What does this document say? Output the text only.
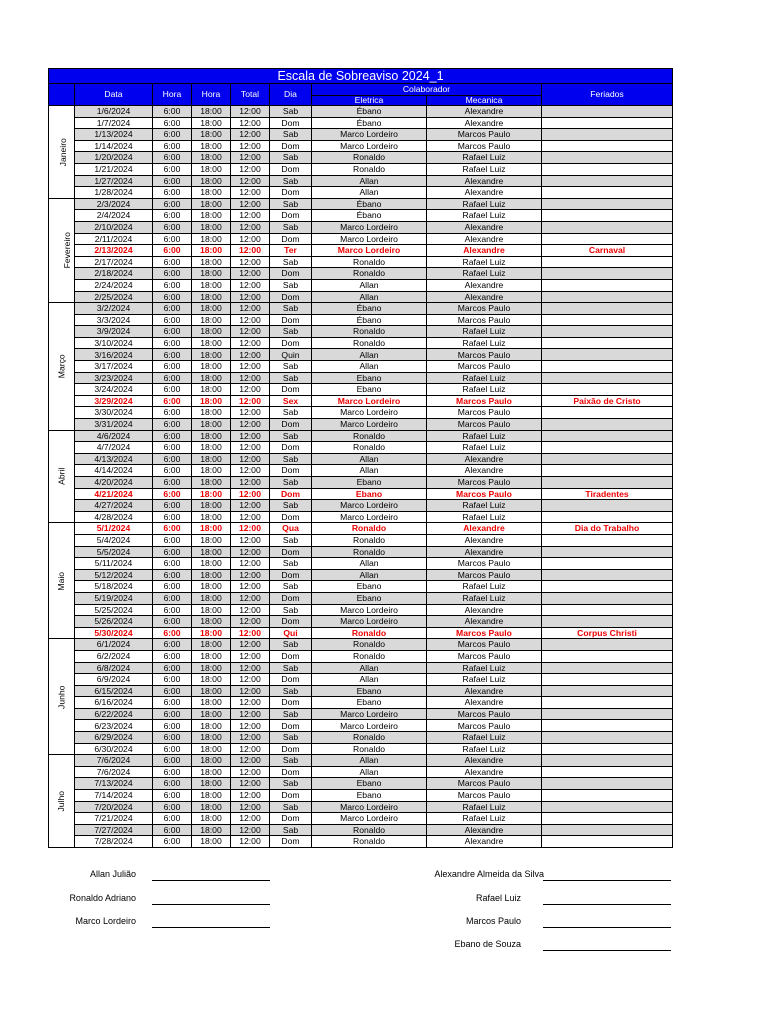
Escala de Sobreaviso 2024_1								
	Data	Hora	Hora	Total	Dia	Colaborador		Feriados
						Eletrica	Mecanica	
Janeiro	1/6/2024	6:00	18:00	12:00	Sab	Ébano	Alexandre	
	1/7/2024	6:00	18:00	12:00	Dom	Ébano	Alexandre	
	1/13/2024	6:00	18:00	12:00	Sab	Marco Lordeiro	Marcos Paulo	
	1/14/2024	6:00	18:00	12:00	Dom	Marco Lordeiro	Marcos Paulo	
	1/20/2024	6:00	18:00	12:00	Sab	Ronaldo	Rafael Luiz	
	1/21/2024	6:00	18:00	12:00	Dom	Ronaldo	Rafael Luiz	
	1/27/2024	6:00	18:00	12:00	Sab	Allan	Alexandre	
	1/28/2024	6:00	18:00	12:00	Dom	Allan	Alexandre	
Fevereiro	2/3/2024	6:00	18:00	12:00	Sab	Ébano	Rafael Luiz	
	2/4/2024	6:00	18:00	12:00	Dom	Ébano	Rafael Luiz	
	2/10/2024	6:00	18:00	12:00	Sab	Marco Lordeiro	Alexandre	
	2/11/2024	6:00	18:00	12:00	Dom	Marco Lordeiro	Alexandre	
	2/13/2024	6:00	18:00	12:00	Ter	Marco Lordeiro	Alexandre	Carnaval
	2/17/2024	6:00	18:00	12:00	Sab	Ronaldo	Rafael Luiz	
	2/18/2024	6:00	18:00	12:00	Dom	Ronaldo	Rafael Luiz	
	2/24/2024	6:00	18:00	12:00	Sab	Allan	Alexandre	
	2/25/2024	6:00	18:00	12:00	Dom	Allan	Alexandre	
Março	3/2/2024	6:00	18:00	12:00	Sab	Ébano	Marcos Paulo	
	3/3/2024	6:00	18:00	12:00	Dom	Ébano	Marcos Paulo	
	3/9/2024	6:00	18:00	12:00	Sab	Ronaldo	Rafael Luiz	
	3/10/2024	6:00	18:00	12:00	Dom	Ronaldo	Rafael Luiz	
	3/16/2024	6:00	18:00	12:00	Quin	Allan	Marcos Paulo	
	3/17/2024	6:00	18:00	12:00	Sab	Allan	Marcos Paulo	
	3/23/2024	6:00	18:00	12:00	Sab	Ebano	Rafael Luiz	
	3/24/2024	6:00	18:00	12:00	Dom	Ebano	Rafael Luiz	
	3/29/2024	6:00	18:00	12:00	Sex	Marco Lordeiro	Marcos Paulo	Paixão de Cristo
	3/30/2024	6:00	18:00	12:00	Sab	Marco Lordeiro	Marcos Paulo	
	3/31/2024	6:00	18:00	12:00	Dom	Marco Lordeiro	Marcos Paulo	
Abril	4/6/2024	6:00	18:00	12:00	Sab	Ronaldo	Rafael Luiz	
	4/7/2024	6:00	18:00	12:00	Dom	Ronaldo	Rafael Luiz	
	4/13/2024	6:00	18:00	12:00	Sab	Allan	Alexandre	
	4/14/2024	6:00	18:00	12:00	Dom	Allan	Alexandre	
	4/20/2024	6:00	18:00	12:00	Sab	Ebano	Marcos Paulo	
	4/21/2024	6:00	18:00	12:00	Dom	Ebano	Marcos Paulo	Tiradentes
	4/27/2024	6:00	18:00	12:00	Sab	Marco Lordeiro	Rafael Luiz	
	4/28/2024	6:00	18:00	12:00	Dom	Marco Lordeiro	Rafael Luiz	
Maio	5/1/2024	6:00	18:00	12:00	Qua	Ronaldo	Alexandre	Dia do Trabalho
	5/4/2024	6:00	18:00	12:00	Sab	Ronaldo	Alexandre	
	5/5/2024	6:00	18:00	12:00	Dom	Ronaldo	Alexandre	
	5/11/2024	6:00	18:00	12:00	Sab	Allan	Marcos Paulo	
	5/12/2024	6:00	18:00	12:00	Dom	Allan	Marcos Paulo	
	5/18/2024	6:00	18:00	12:00	Sab	Ebano	Rafael Luiz	
	5/19/2024	6:00	18:00	12:00	Dom	Ebano	Rafael Luiz	
	5/25/2024	6:00	18:00	12:00	Sab	Marco Lordeiro	Alexandre	
	5/26/2024	6:00	18:00	12:00	Dom	Marco Lordeiro	Alexandre	
	5/30/2024	6:00	18:00	12:00	Qui	Ronaldo	Marcos Paulo	Corpus Christi
Junho	6/1/2024	6:00	18:00	12:00	Sab	Ronaldo	Marcos Paulo	
	6/2/2024	6:00	18:00	12:00	Dom	Ronaldo	Marcos Paulo	
	6/8/2024	6:00	18:00	12:00	Sab	Allan	Rafael Luiz	
	6/9/2024	6:00	18:00	12:00	Dom	Allan	Rafael Luiz	
	6/15/2024	6:00	18:00	12:00	Sab	Ebano	Alexandre	
	6/16/2024	6:00	18:00	12:00	Dom	Ebano	Alexandre	
	6/22/2024	6:00	18:00	12:00	Sab	Marco Lordeiro	Marcos Paulo	
	6/23/2024	6:00	18:00	12:00	Dom	Marco Lordeiro	Marcos Paulo	
	6/29/2024	6:00	18:00	12:00	Sab	Ronaldo	Rafael Luiz	
	6/30/2024	6:00	18:00	12:00	Dom	Ronaldo	Rafael Luiz	
Julho	7/6/2024	6:00	18:00	12:00	Sab	Allan	Alexandre	
	7/6/2024	6:00	18:00	12:00	Dom	Allan	Alexandre	
	7/13/2024	6:00	18:00	12:00	Sab	Ebano	Marcos Paulo	
	7/14/2024	6:00	18:00	12:00	Dom	Ebano	Marcos Paulo	
	7/20/2024	6:00	18:00	12:00	Sab	Marco Lordeiro	Rafael Luiz	
	7/21/2024	6:00	18:00	12:00	Dom	Marco Lordeiro	Rafael Luiz	
	7/27/2024	6:00	18:00	12:00	Sab	Ronaldo	Alexandre	
	7/28/2024	6:00	18:00	12:00	Dom	Ronaldo	Alexandre	
Allan Julião
Ronaldo Adriano
Marco Lordeiro
Alexandre Almeida da Silva
Rafael Luiz
Marcos Paulo
Ebano de Souza
